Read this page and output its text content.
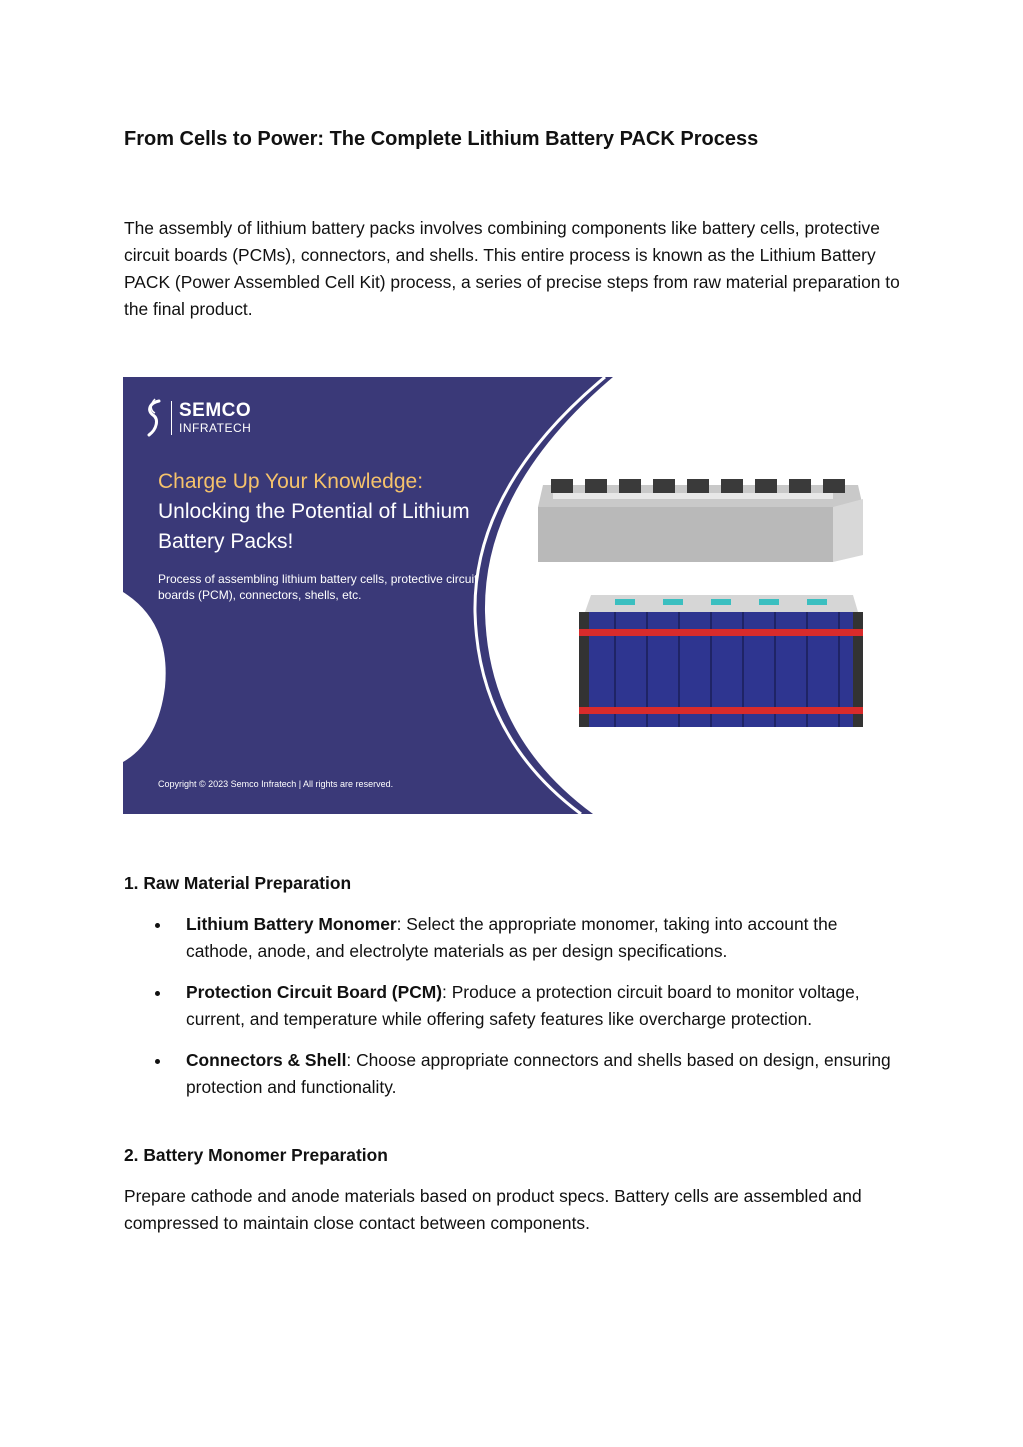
From Cells to Power: The Complete Lithium Battery PACK Process

The assembly of lithium battery packs involves combining components like battery cells, protective circuit boards (PCMs), connectors, and shells. This entire process is known as the Lithium Battery PACK (Power Assembled Cell Kit) process, a series of precise steps from raw material preparation to the final product.

SEMCO
INFRATECH

Charge Up Your Knowledge:

Unlocking the Potential of Lithium Battery Packs!

Process of assembling lithium battery cells, protective circuit boards (PCM), connectors, shells, etc.

Copyright © 2023 Semco Infratech | All rights are reserved.

1. Raw Material Preparation
Lithium Battery Monomer: Select the appropriate monomer, taking into account the cathode, anode, and electrolyte materials as per design specifications.
Protection Circuit Board (PCM): Produce a protection circuit board to monitor voltage, current, and temperature while offering safety features like overcharge protection.
Connectors & Shell: Choose appropriate connectors and shells based on design, ensuring protection and functionality.
2. Battery Monomer Preparation

Prepare cathode and anode materials based on product specs. Battery cells are assembled and compressed to maintain close contact between components.
